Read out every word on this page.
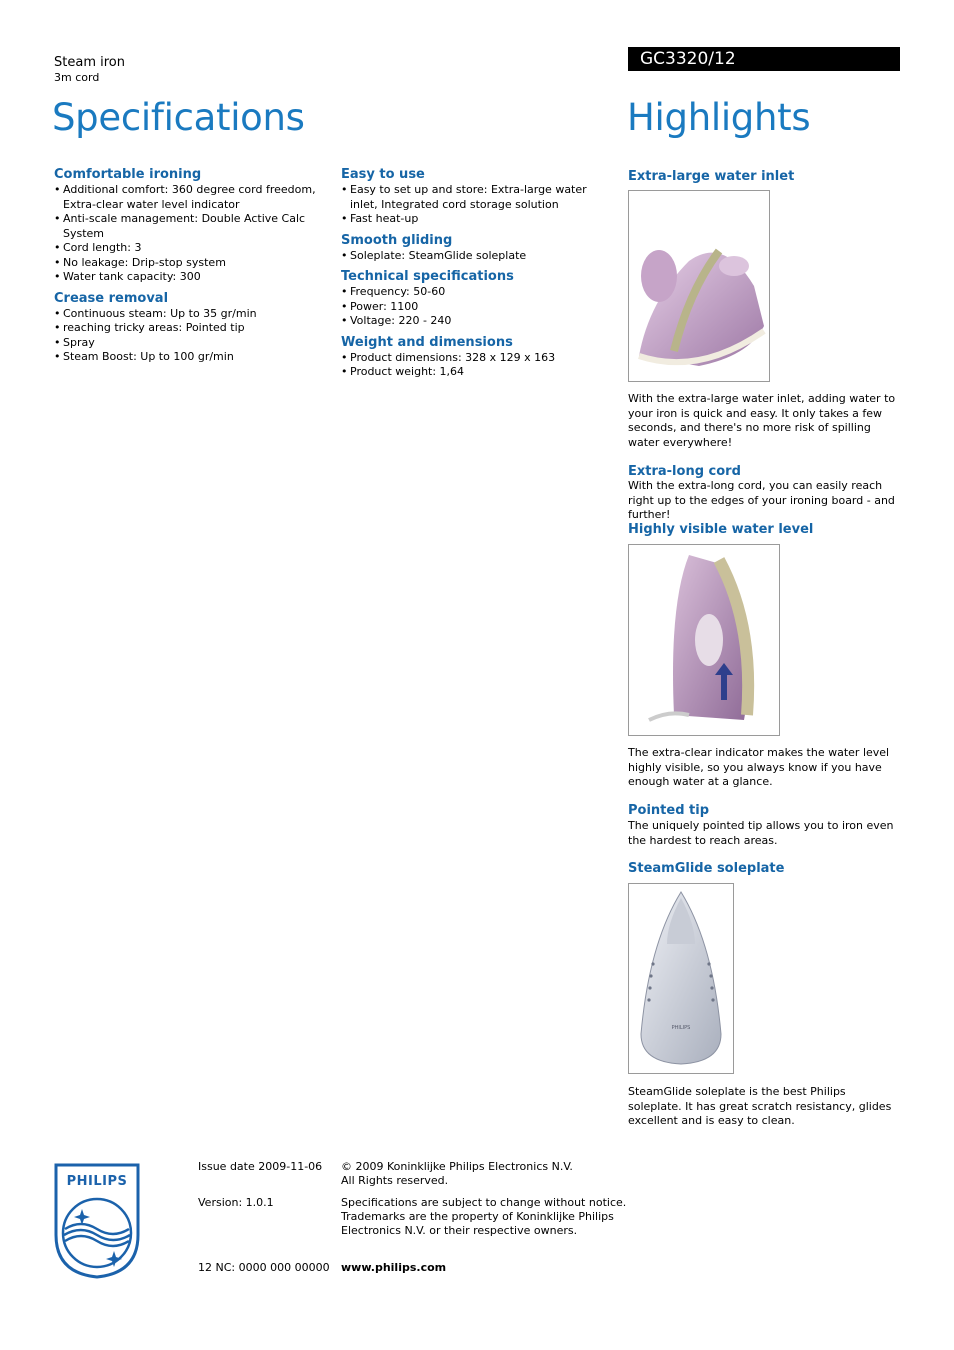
Steam iron
3m cord
Specifications
GC3320/12
Highlights
Comfortable ironing
• Additional comfort: 360 degree cord freedom, Extra-clear water level indicator
• Anti-scale management: Double Active Calc System
• Cord length: 3
• No leakage: Drip-stop system
• Water tank capacity: 300
Crease removal
• Continuous steam: Up to 35 gr/min
• reaching tricky areas: Pointed tip
• Spray
• Steam Boost: Up to 100 gr/min
Easy to use
• Easy to set up and store: Extra-large water inlet, Integrated cord storage solution
• Fast heat-up
Smooth gliding
• Soleplate: SteamGlide soleplate
Technical specifications
• Frequency: 50-60
• Power: 1100
• Voltage: 220 - 240
Weight and dimensions
• Product dimensions: 328 x 129 x 163
• Product weight: 1,64
Extra-large water inlet
With the extra-large water inlet, adding water to your iron is quick and easy. It only takes a few seconds, and there's no more risk of spilling water everywhere!
Extra-long cord
With the extra-long cord, you can easily reach right up to the edges of your ironing board - and further!
Highly visible water level
The extra-clear indicator makes the water level highly visible, so you always know if you have enough water at a glance.
Pointed tip
The uniquely pointed tip allows you to iron even the hardest to reach areas.
SteamGlide soleplate
PHILIPS
SteamGlide soleplate is the best Philips soleplate. It has great scratch resistancy, glides excellent and is easy to clean.
PHILIPS
Issue date 2009-11-06
Version: 1.0.1
12 NC: 0000 000 00000
© 2009 Koninklijke Philips Electronics N.V.
All Rights reserved.
Specifications are subject to change without notice.
Trademarks are the property of Koninklijke Philips
Electronics N.V. or their respective owners.
www.philips.com
